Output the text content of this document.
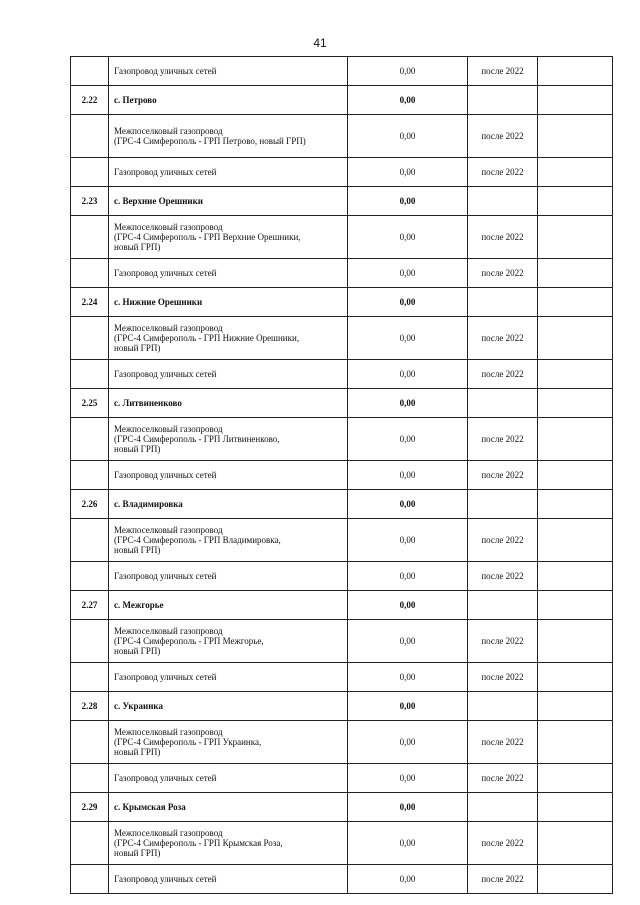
41

	Газопровод уличных сетей	0,00	после 2022	
2.22	с. Петрово	0,00		

	Межпоселковый газопровод
(ГРС-4 Симферополь - ГРП Петрово, новый ГРП)	0,00	после 2022	

	Газопровод уличных сетей	0,00	после 2022	
2.23	с. Верхние Орешники	0,00		

	Межпоселковый газопровод
(ГРС-4 Симферополь - ГРП Верхние Орешники,
новый ГРП)	0,00	после 2022	

	Газопровод уличных сетей	0,00	после 2022	
2.24	с. Нижние Орешники	0,00		

	Межпоселковый газопровод
(ГРС-4 Симферополь - ГРП Нижние Орешники,
новый ГРП)	0,00	после 2022	

	Газопровод уличных сетей	0,00	после 2022	
2.25	с. Литвиненково	0,00		

	Межпоселковый газопровод
(ГРС-4 Симферополь - ГРП Литвиненково,
новый ГРП)	0,00	после 2022	

	Газопровод уличных сетей	0,00	после 2022	
2.26	с. Владимировка	0,00		

	Межпоселковый газопровод
(ГРС-4 Симферополь - ГРП Владимировка,
новый ГРП)	0,00	после 2022	

	Газопровод уличных сетей	0,00	после 2022	
2.27	с. Межгорье	0,00		

	Межпоселковый газопровод
(ГРС-4 Симферополь - ГРП Межгорье,
новый ГРП)	0,00	после 2022	

	Газопровод уличных сетей	0,00	после 2022	
2.28	с. Украинка	0,00		

	Межпоселковый газопровод
(ГРС-4 Симферополь - ГРП Украинка,
новый ГРП)	0,00	после 2022	

	Газопровод уличных сетей	0,00	после 2022	
2.29	с. Крымская Роза	0,00		

	Межпоселковый газопровод
(ГРС-4 Симферополь - ГРП Крымская Роза,
новый ГРП)	0,00	после 2022	

	Газопровод уличных сетей	0,00	после 2022	
